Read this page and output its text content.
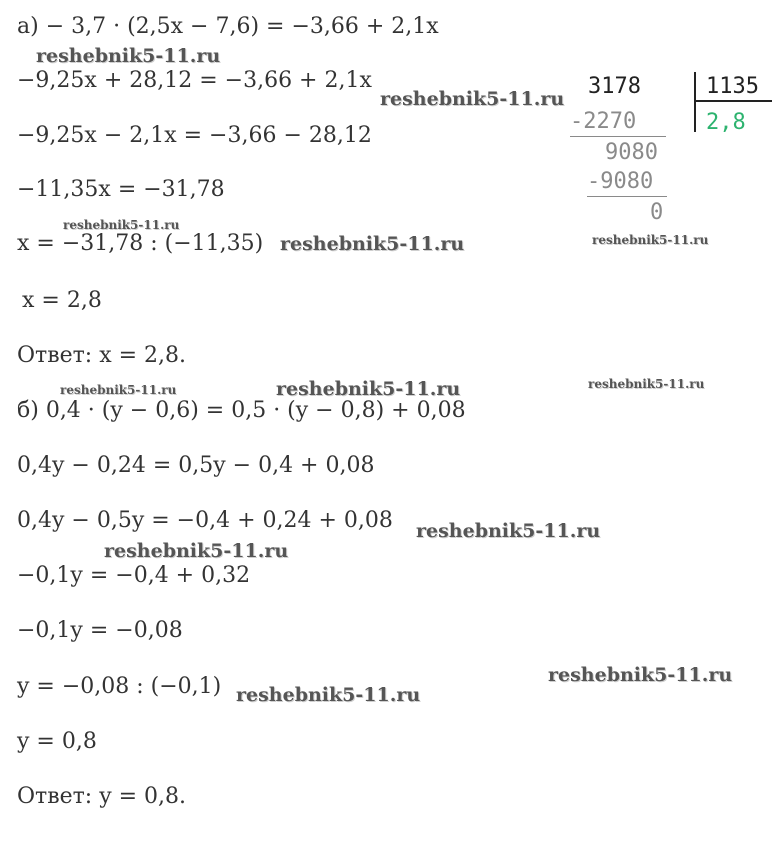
а) − 3,7 · (2,5x − 7,6) = −3,66 + 2,1x
−9,25x + 28,12 = −3,66 + 2,1x
−9,25x − 2,1x = −3,66 − 28,12
−11,35x = −31,78
x = −31,78 : (−11,35)
x = 2,8
Ответ: x = 2,8.
б) 0,4 · (y − 0,6) = 0,5 · (y − 0,8) + 0,08
0,4y − 0,24 = 0,5y − 0,4 + 0,08
0,4y − 0,5y = −0,4 + 0,24 + 0,08
−0,1y = −0,4 + 0,32
−0,1y = −0,08
y = −0,08 : (−0,1)
y = 0,8
Ответ: y = 0,8.
3178	1135
2,8
-2270
9080
-9080
0
reshebnik5-11.ru
reshebnik5-11.ru
reshebnik5-11.ru
reshebnik5-11.ru	reshebnik5-11.ru
reshebnik5-11.ru	reshebnik5-11.ru	reshebnik5-11.ru
reshebnik5-11.ru
reshebnik5-11.ru
reshebnik5-11.ru
reshebnik5-11.ru
